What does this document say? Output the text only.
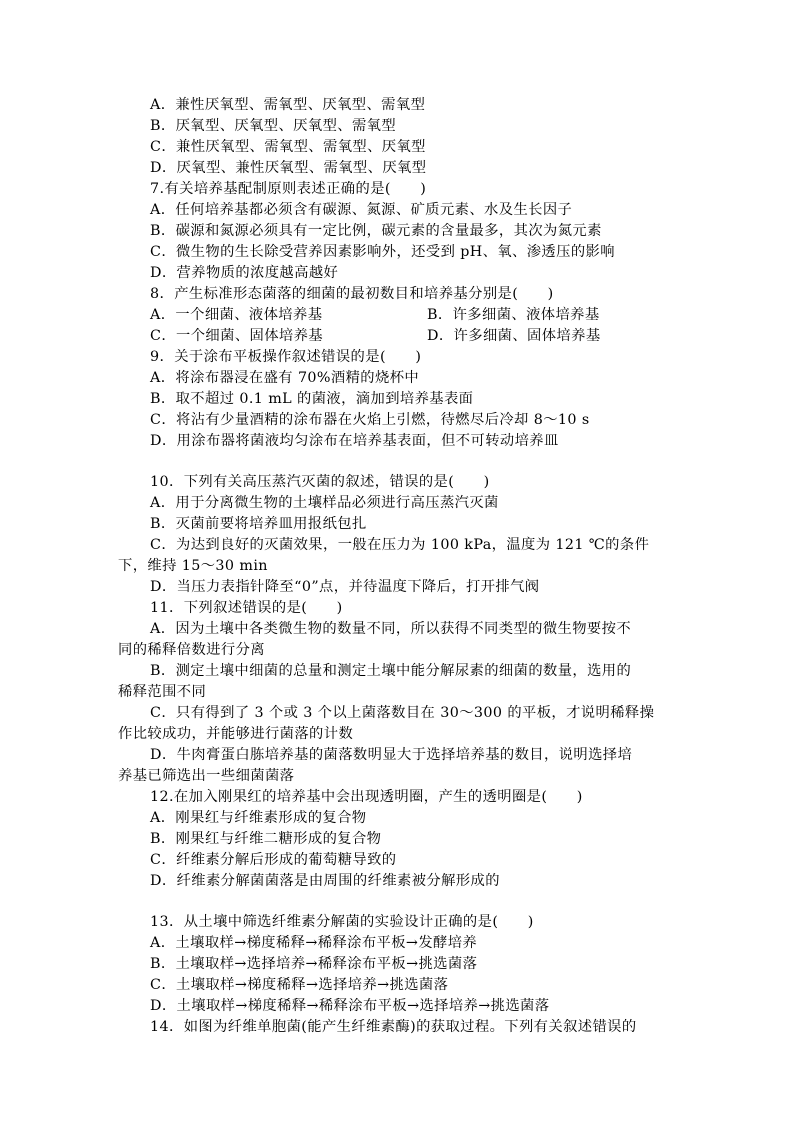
A．兼性厌氧型、需氧型、厌氧型、需氧型
B．厌氧型、厌氧型、厌氧型、需氧型
C．兼性厌氧型、需氧型、需氧型、厌氧型
D．厌氧型、兼性厌氧型、需氧型、厌氧型
7.有关培养基配制原则表述正确的是(　　)
A．任何培养基都必须含有碳源、氮源、矿质元素、水及生长因子
B．碳源和氮源必须具有一定比例，碳元素的含量最多，其次为氮元素
C．微生物的生长除受营养因素影响外，还受到 pH、氧、渗透压的影响
D．营养物质的浓度越高越好
8．产生标准形态菌落的细菌的最初数目和培养基分别是(　　)
A．一个细菌、液体培养基	B．许多细菌、液体培养基
C．一个细菌、固体培养基	D．许多细菌、固体培养基
9．关于涂布平板操作叙述错误的是(　　)
A．将涂布器浸在盛有 70%酒精的烧杯中
B．取不超过 0.1 mL 的菌液，滴加到培养基表面
C．将沾有少量酒精的涂布器在火焰上引燃，待燃尽后冷却 8～10 s
D．用涂布器将菌液均匀涂布在培养基表面，但不可转动培养皿
10．下列有关高压蒸汽灭菌的叙述，错误的是(　　)
A．用于分离微生物的土壤样品必须进行高压蒸汽灭菌
B．灭菌前要将培养皿用报纸包扎
C．为达到良好的灭菌效果，一般在压力为 100 kPa，温度为 121 ℃的条件
下，维持 15～30 min
D．当压力表指针降至“0”点，并待温度下降后，打开排气阀
11．下列叙述错误的是(　　)
A．因为土壤中各类微生物的数量不同，所以获得不同类型的微生物要按不
同的稀释倍数进行分离
B．测定土壤中细菌的总量和测定土壤中能分解尿素的细菌的数量，选用的
稀释范围不同
C．只有得到了 3 个或 3 个以上菌落数目在 30～300 的平板，才说明稀释操
作比较成功，并能够进行菌落的计数
D．牛肉膏蛋白胨培养基的菌落数明显大于选择培养基的数目，说明选择培
养基已筛选出一些细菌菌落
12.在加入刚果红的培养基中会出现透明圈，产生的透明圈是(　　)
A．刚果红与纤维素形成的复合物
B．刚果红与纤维二糖形成的复合物
C．纤维素分解后形成的葡萄糖导致的
D．纤维素分解菌菌落是由周围的纤维素被分解形成的
13．从土壤中筛选纤维素分解菌的实验设计正确的是(　　)
A．土壤取样→梯度稀释→稀释涂布平板→发酵培养
B．土壤取样→选择培养→稀释涂布平板→挑选菌落
C．土壤取样→梯度稀释→选择培养→挑选菌落
D．土壤取样→梯度稀释→稀释涂布平板→选择培养→挑选菌落
14．如图为纤维单胞菌(能产生纤维素酶)的获取过程。下列有关叙述错误的
